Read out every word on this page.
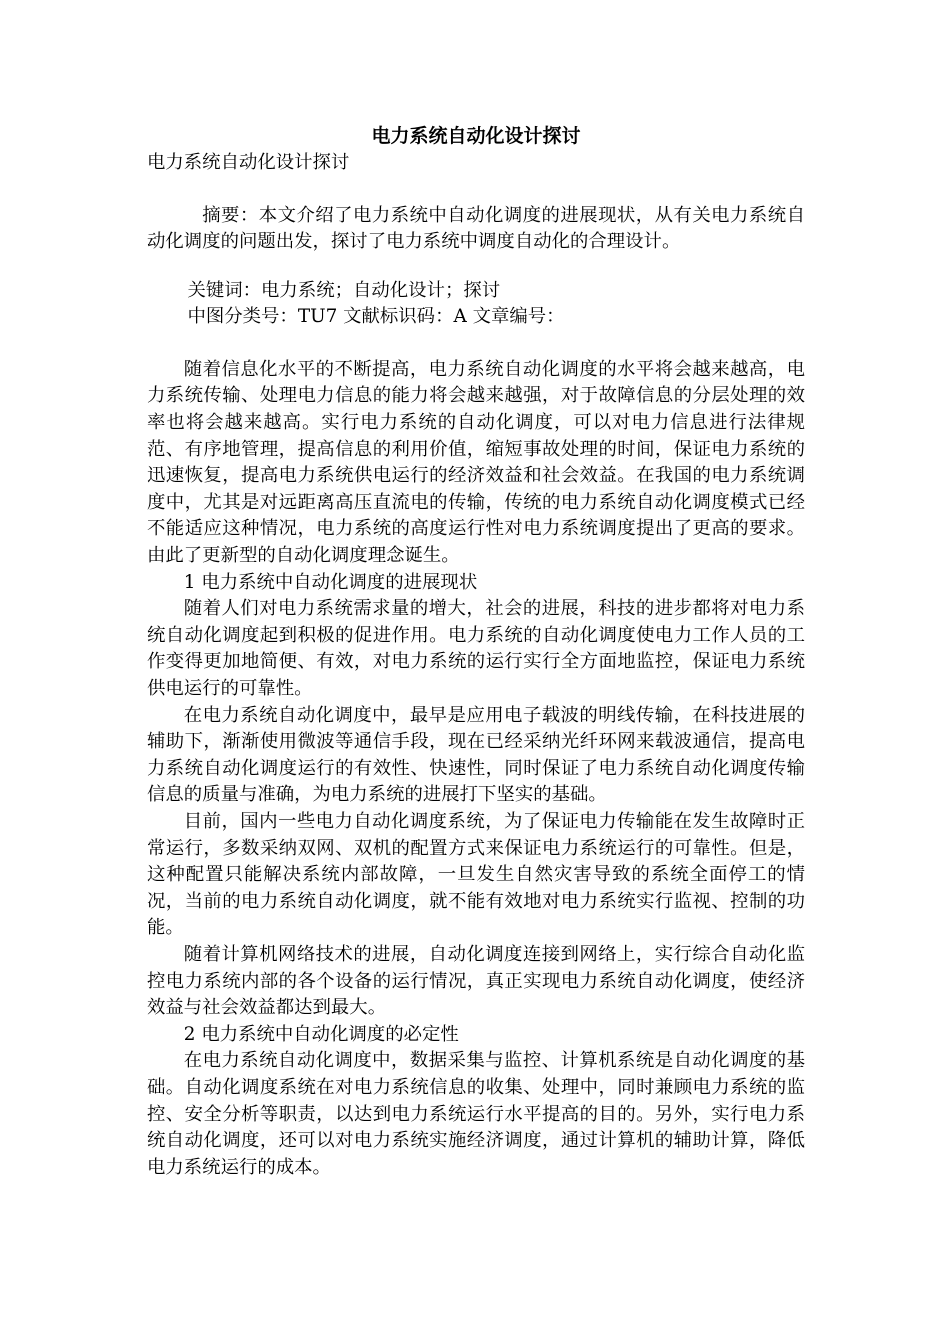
电力系统自动化设计探讨
电力系统自动化设计探讨

摘要：本文介绍了电力系统中自动化调度的进展现状，从有关电力系统自动化调度的问题出发，探讨了电力系统中调度自动化的合理设计。

关键词：电力系统；自动化设计；探讨

中图分类号：TU7 文献标识码：A 文章编号：

随着信息化水平的不断提高，电力系统自动化调度的水平将会越来越高，电力系统传输、处理电力信息的能力将会越来越强，对于故障信息的分层处理的效率也将会越来越高。实行电力系统的自动化调度，可以对电力信息进行法律规范、有序地管理，提高信息的利用价值，缩短事故处理的时间，保证电力系统的迅速恢复，提高电力系统供电运行的经济效益和社会效益。在我国的电力系统调度中，尤其是对远距离高压直流电的传输，传统的电力系统自动化调度模式已经不能适应这种情况，电力系统的高度运行性对电力系统调度提出了更高的要求。由此了更新型的自动化调度理念诞生。

1 电力系统中自动化调度的进展现状

随着人们对电力系统需求量的增大，社会的进展，科技的进步都将对电力系统自动化调度起到积极的促进作用。电力系统的自动化调度使电力工作人员的工作变得更加地简便、有效，对电力系统的运行实行全方面地监控，保证电力系统供电运行的可靠性。

在电力系统自动化调度中，最早是应用电子载波的明线传输，在科技进展的辅助下，渐渐使用微波等通信手段，现在已经采纳光纤环网来载波通信，提高电力系统自动化调度运行的有效性、快速性，同时保证了电力系统自动化调度传输信息的质量与准确，为电力系统的进展打下坚实的基础。

目前，国内一些电力自动化调度系统，为了保证电力传输能在发生故障时正常运行，多数采纳双网、双机的配置方式来保证电力系统运行的可靠性。但是，这种配置只能解决系统内部故障，一旦发生自然灾害导致的系统全面停工的情况，当前的电力系统自动化调度，就不能有效地对电力系统实行监视、控制的功能。

随着计算机网络技术的进展，自动化调度连接到网络上，实行综合自动化监控电力系统内部的各个设备的运行情况，真正实现电力系统自动化调度，使经济效益与社会效益都达到最大。

2 电力系统中自动化调度的必定性

在电力系统自动化调度中，数据采集与监控、计算机系统是自动化调度的基础。自动化调度系统在对电力系统信息的收集、处理中，同时兼顾电力系统的监控、安全分析等职责，以达到电力系统运行水平提高的目的。另外，实行电力系统自动化调度，还可以对电力系统实施经济调度，通过计算机的辅助计算，降低电力系统运行的成本。
